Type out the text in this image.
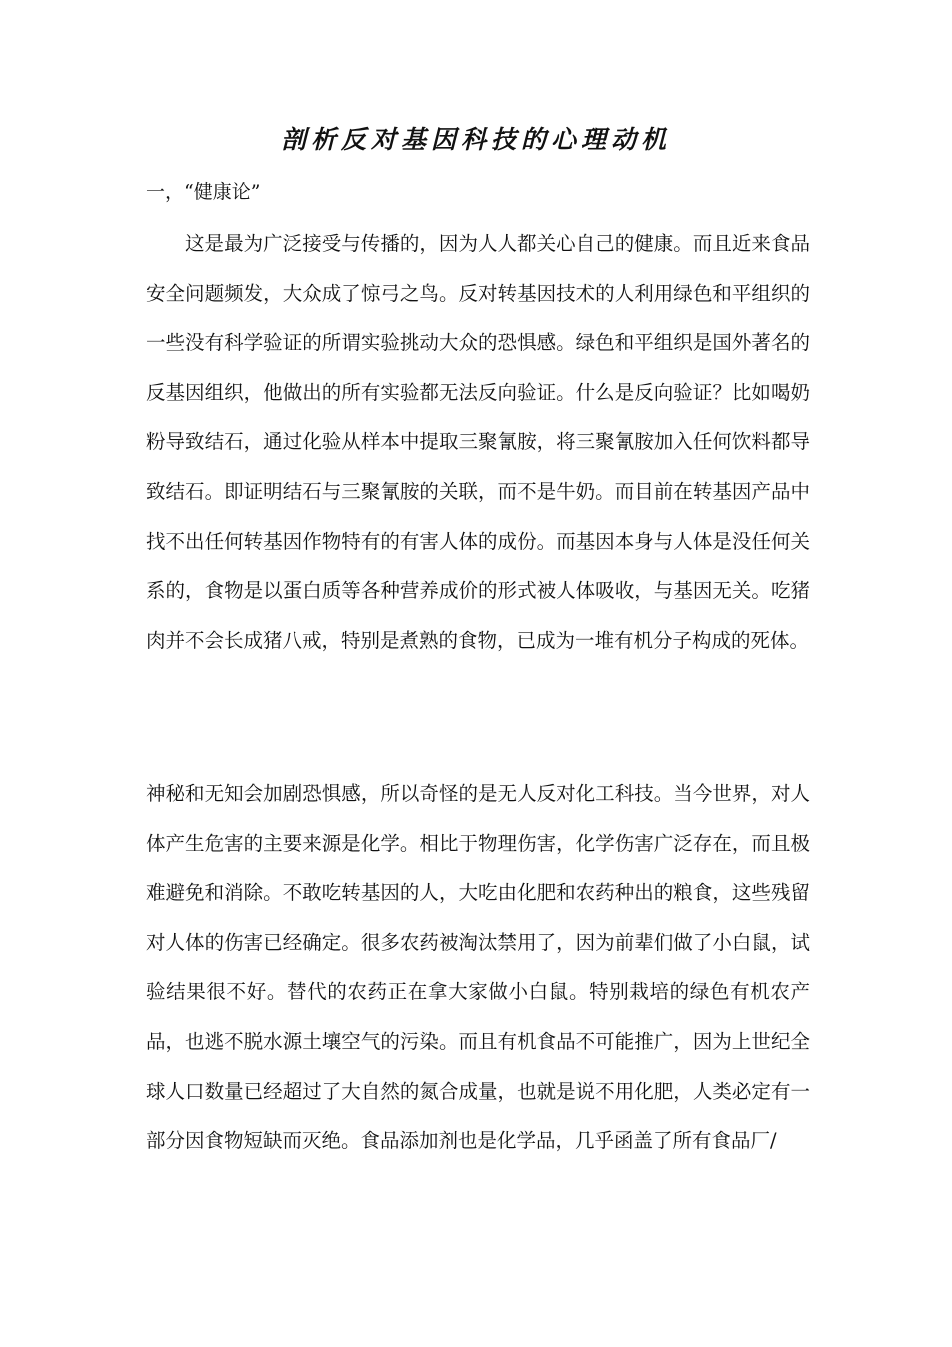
剖析反对基因科技的心理动机

一，“健康论”

这是最为广泛接受与传播的，因为人人都关心自己的健康。而且近来食品安全问题频发，大众成了惊弓之鸟。反对转基因技术的人利用绿色和平组织的一些没有科学验证的所谓实验挑动大众的恐惧感。绿色和平组织是国外著名的反基因组织，他做出的所有实验都无法反向验证。什么是反向验证？比如喝奶粉导致结石，通过化验从样本中提取三聚氰胺，将三聚氰胺加入任何饮料都导致结石。即证明结石与三聚氰胺的关联，而不是牛奶。而目前在转基因产品中找不出任何转基因作物特有的有害人体的成份。而基因本身与人体是没任何关系的，食物是以蛋白质等各种营养成价的形式被人体吸收，与基因无关。吃猪肉并不会长成猪八戒，特别是煮熟的食物，已成为一堆有机分子构成的死体。

神秘和无知会加剧恐惧感，所以奇怪的是无人反对化工科技。当今世界，对人体产生危害的主要来源是化学。相比于物理伤害，化学伤害广泛存在，而且极难避免和消除。不敢吃转基因的人，大吃由化肥和农药种出的粮食，这些残留对人体的伤害已经确定。很多农药被淘汰禁用了，因为前辈们做了小白鼠，试验结果很不好。替代的农药正在拿大家做小白鼠。特别栽培的绿色有机农产品，也逃不脱水源土壤空气的污染。而且有机食品不可能推广，因为上世纪全球人口数量已经超过了大自然的氮合成量，也就是说不用化肥，人类必定有一部分因食物短缺而灭绝。食品添加剂也是化学品，几乎函盖了所有食品厂/
